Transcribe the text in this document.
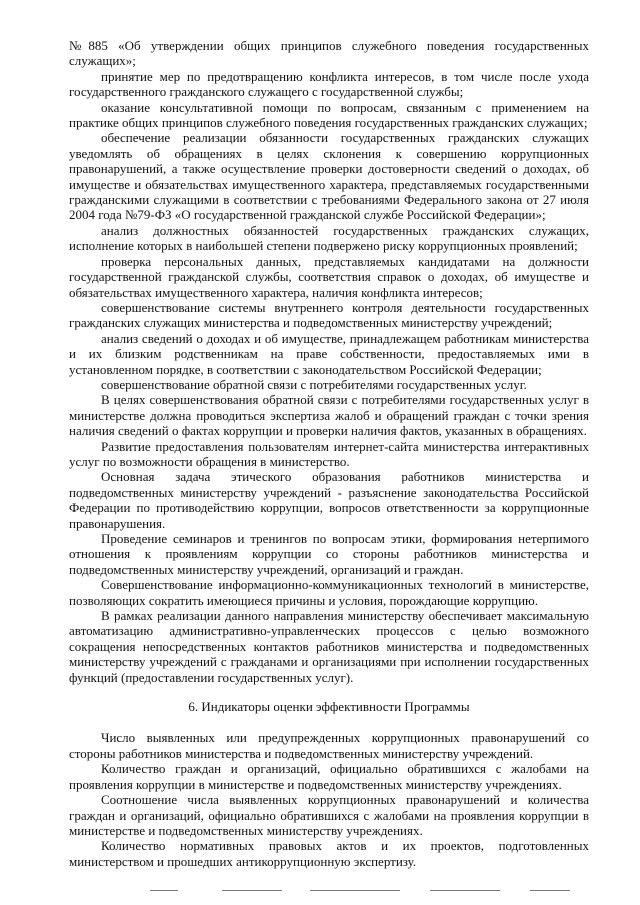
№885 «Об утверждении общих принципов служебного поведения государственных служащих»;

принятие мер по предотвращению конфликта интересов, в том числе после ухода государственного гражданского служащего с государственной службы;

оказание консультативной помощи по вопросам, связанным с применением на практике общих принципов служебного поведения государственных гражданских служащих;

обеспечение реализации обязанности государственных гражданских служащих уведомлять об обращениях в целях склонения к совершению коррупционных правонарушений, а также осуществление проверки достоверности сведений о доходах, об имуществе и обязательствах имущественного характера, представляемых государственными гражданскими служащими в соответствии с требованиями Федерального закона от 27 июля 2004 года №79-ФЗ «О государственной гражданской службе Российской Федерации»;

анализ должностных обязанностей государственных гражданских служащих, исполнение которых в наибольшей степени подвержено риску коррупционных проявлений;

проверка персональных данных, представляемых кандидатами на должности государственной гражданской службы, соответствия справок о доходах, об имуществе и обязательствах имущественного характера, наличия конфликта интересов;

совершенствование системы внутреннего контроля деятельности государственных гражданских служащих министерства и подведомственных министерству учреждений;

анализ сведений о доходах и об имуществе, принадлежащем работникам министерства и их близким родственникам на праве собственности, предоставляемых ими в установленном порядке, в соответствии с законодательством Российской Федерации;

совершенствование обратной связи с потребителями государственных услуг.

В целях совершенствования обратной связи с потребителями государственных услуг в министерстве должна проводиться экспертиза жалоб и обращений граждан с точки зрения наличия сведений о фактах коррупции и проверки наличия фактов, указанных в обращениях.

Развитие предоставления пользователям интернет-сайта министерства интерактивных услуг по возможности обращения в министерство.

Основная задача этического образования работников министерства и подведомственных министерству учреждений - разъяснение законодательства Российской Федерации по противодействию коррупции, вопросов ответственности за коррупционные правонарушения.

Проведение семинаров и тренингов по вопросам этики, формирования нетерпимого отношения к проявлениям коррупции со стороны работников министерства и подведомственных министерству учреждений, организаций и граждан.

Совершенствование информационно-коммуникационных технологий в министерстве, позволяющих сократить имеющиеся причины и условия, порождающие коррупцию.

В рамках реализации данного направления министерству обеспечивает максимальную автоматизацию административно-управленческих процессов с целью возможного сокращения непосредственных контактов работников министерства и подведомственных министерству учреждений с гражданами и организациями при исполнении государственных функций (предоставлении государственных услуг).

6. Индикаторы оценки эффективности Программы

Число выявленных или предупрежденных коррупционных правонарушений со стороны работников министерства и подведомственных министерству учреждений.

Количество граждан и организаций, официально обратившихся с жалобами на проявления коррупции в министерстве и подведомственных министерству учреждениях.

Соотношение числа выявленных коррупционных правонарушений и количества граждан и организаций, официально обратившихся с жалобами на проявления коррупции в министерстве и подведомственных министерству учреждениях.

Количество нормативных правовых актов и их проектов, подготовленных министерством и прошедших антикоррупционную экспертизу.
